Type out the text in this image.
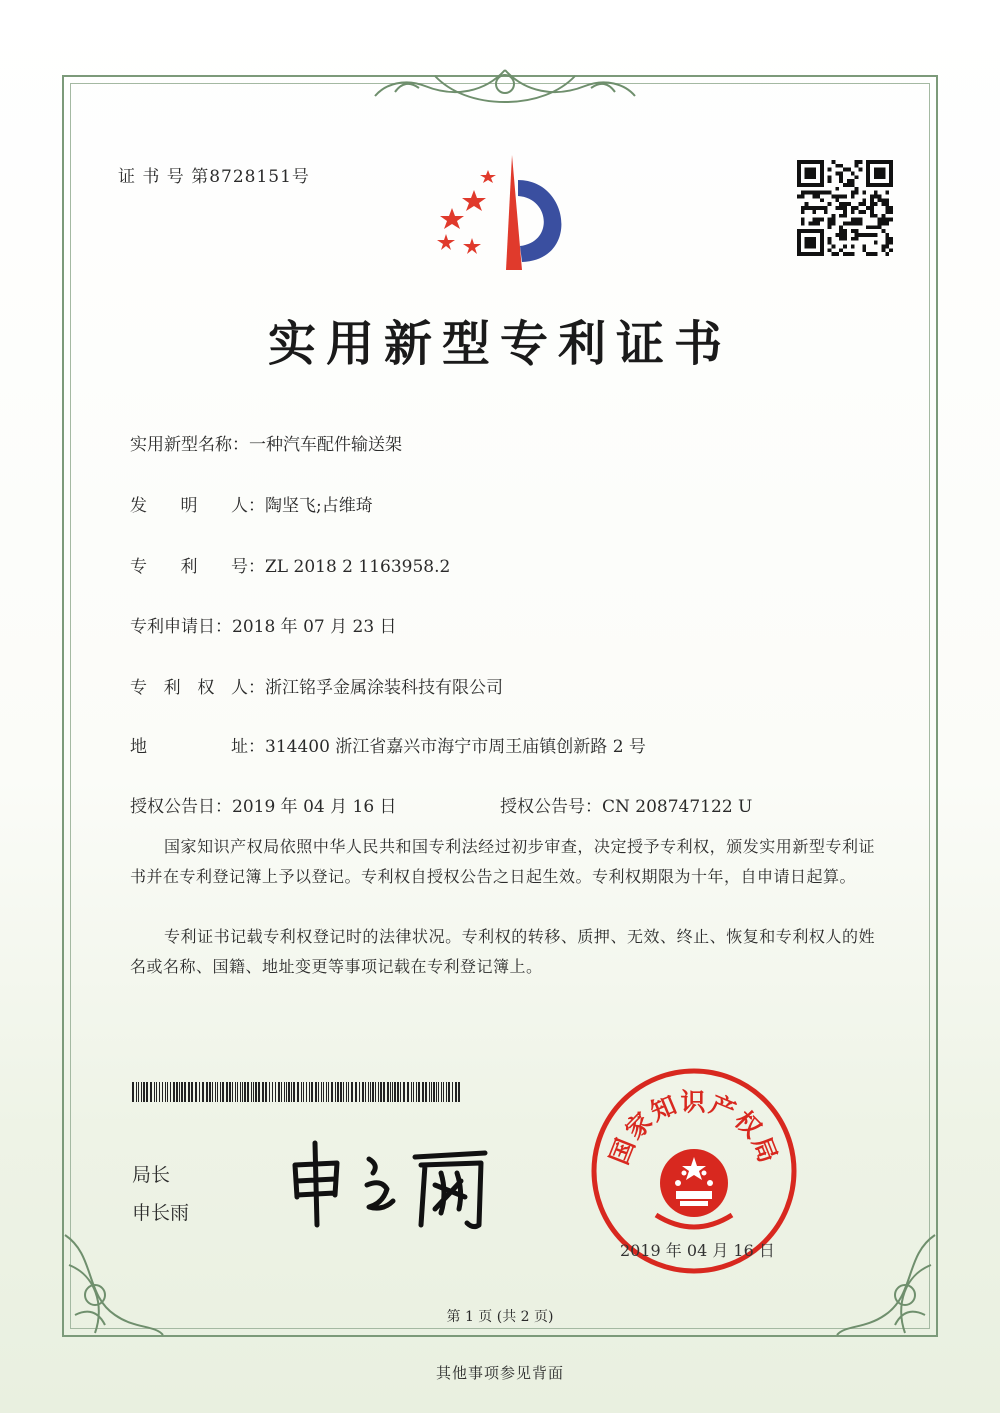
证 书 号 第8728151号
实用新型专利证书
实用新型名称：一种汽车配件输送架
发 明 人 ：陶坚飞;占维琦
专 利 号 ：ZL 2018 2 1163958.2
专利申请日：2018 年 07 月 23 日
专 利 权 人 ：浙江铭孚金属涂装科技有限公司
地	址 ：314400 浙江省嘉兴市海宁市周王庙镇创新路 2 号
授权公告日：2019 年 04 月 16 日	授权公告号：CN 208747122 U
国家知识产权局依照中华人民共和国专利法经过初步审查，决定授予专利权，颁发实用新型专利证书并在专利登记簿上予以登记。专利权自授权公告之日起生效。专利权期限为十年，自申请日起算。
专利证书记载专利权登记时的法律状况。专利权的转移、质押、无效、终止、恢复和专利权人的姓名或名称、国籍、地址变更等事项记载在专利登记簿上。
局长
申长雨
国家知识产权局
2019 年 04 月 16 日
第 1 页 (共 2 页)
其他事项参见背面
